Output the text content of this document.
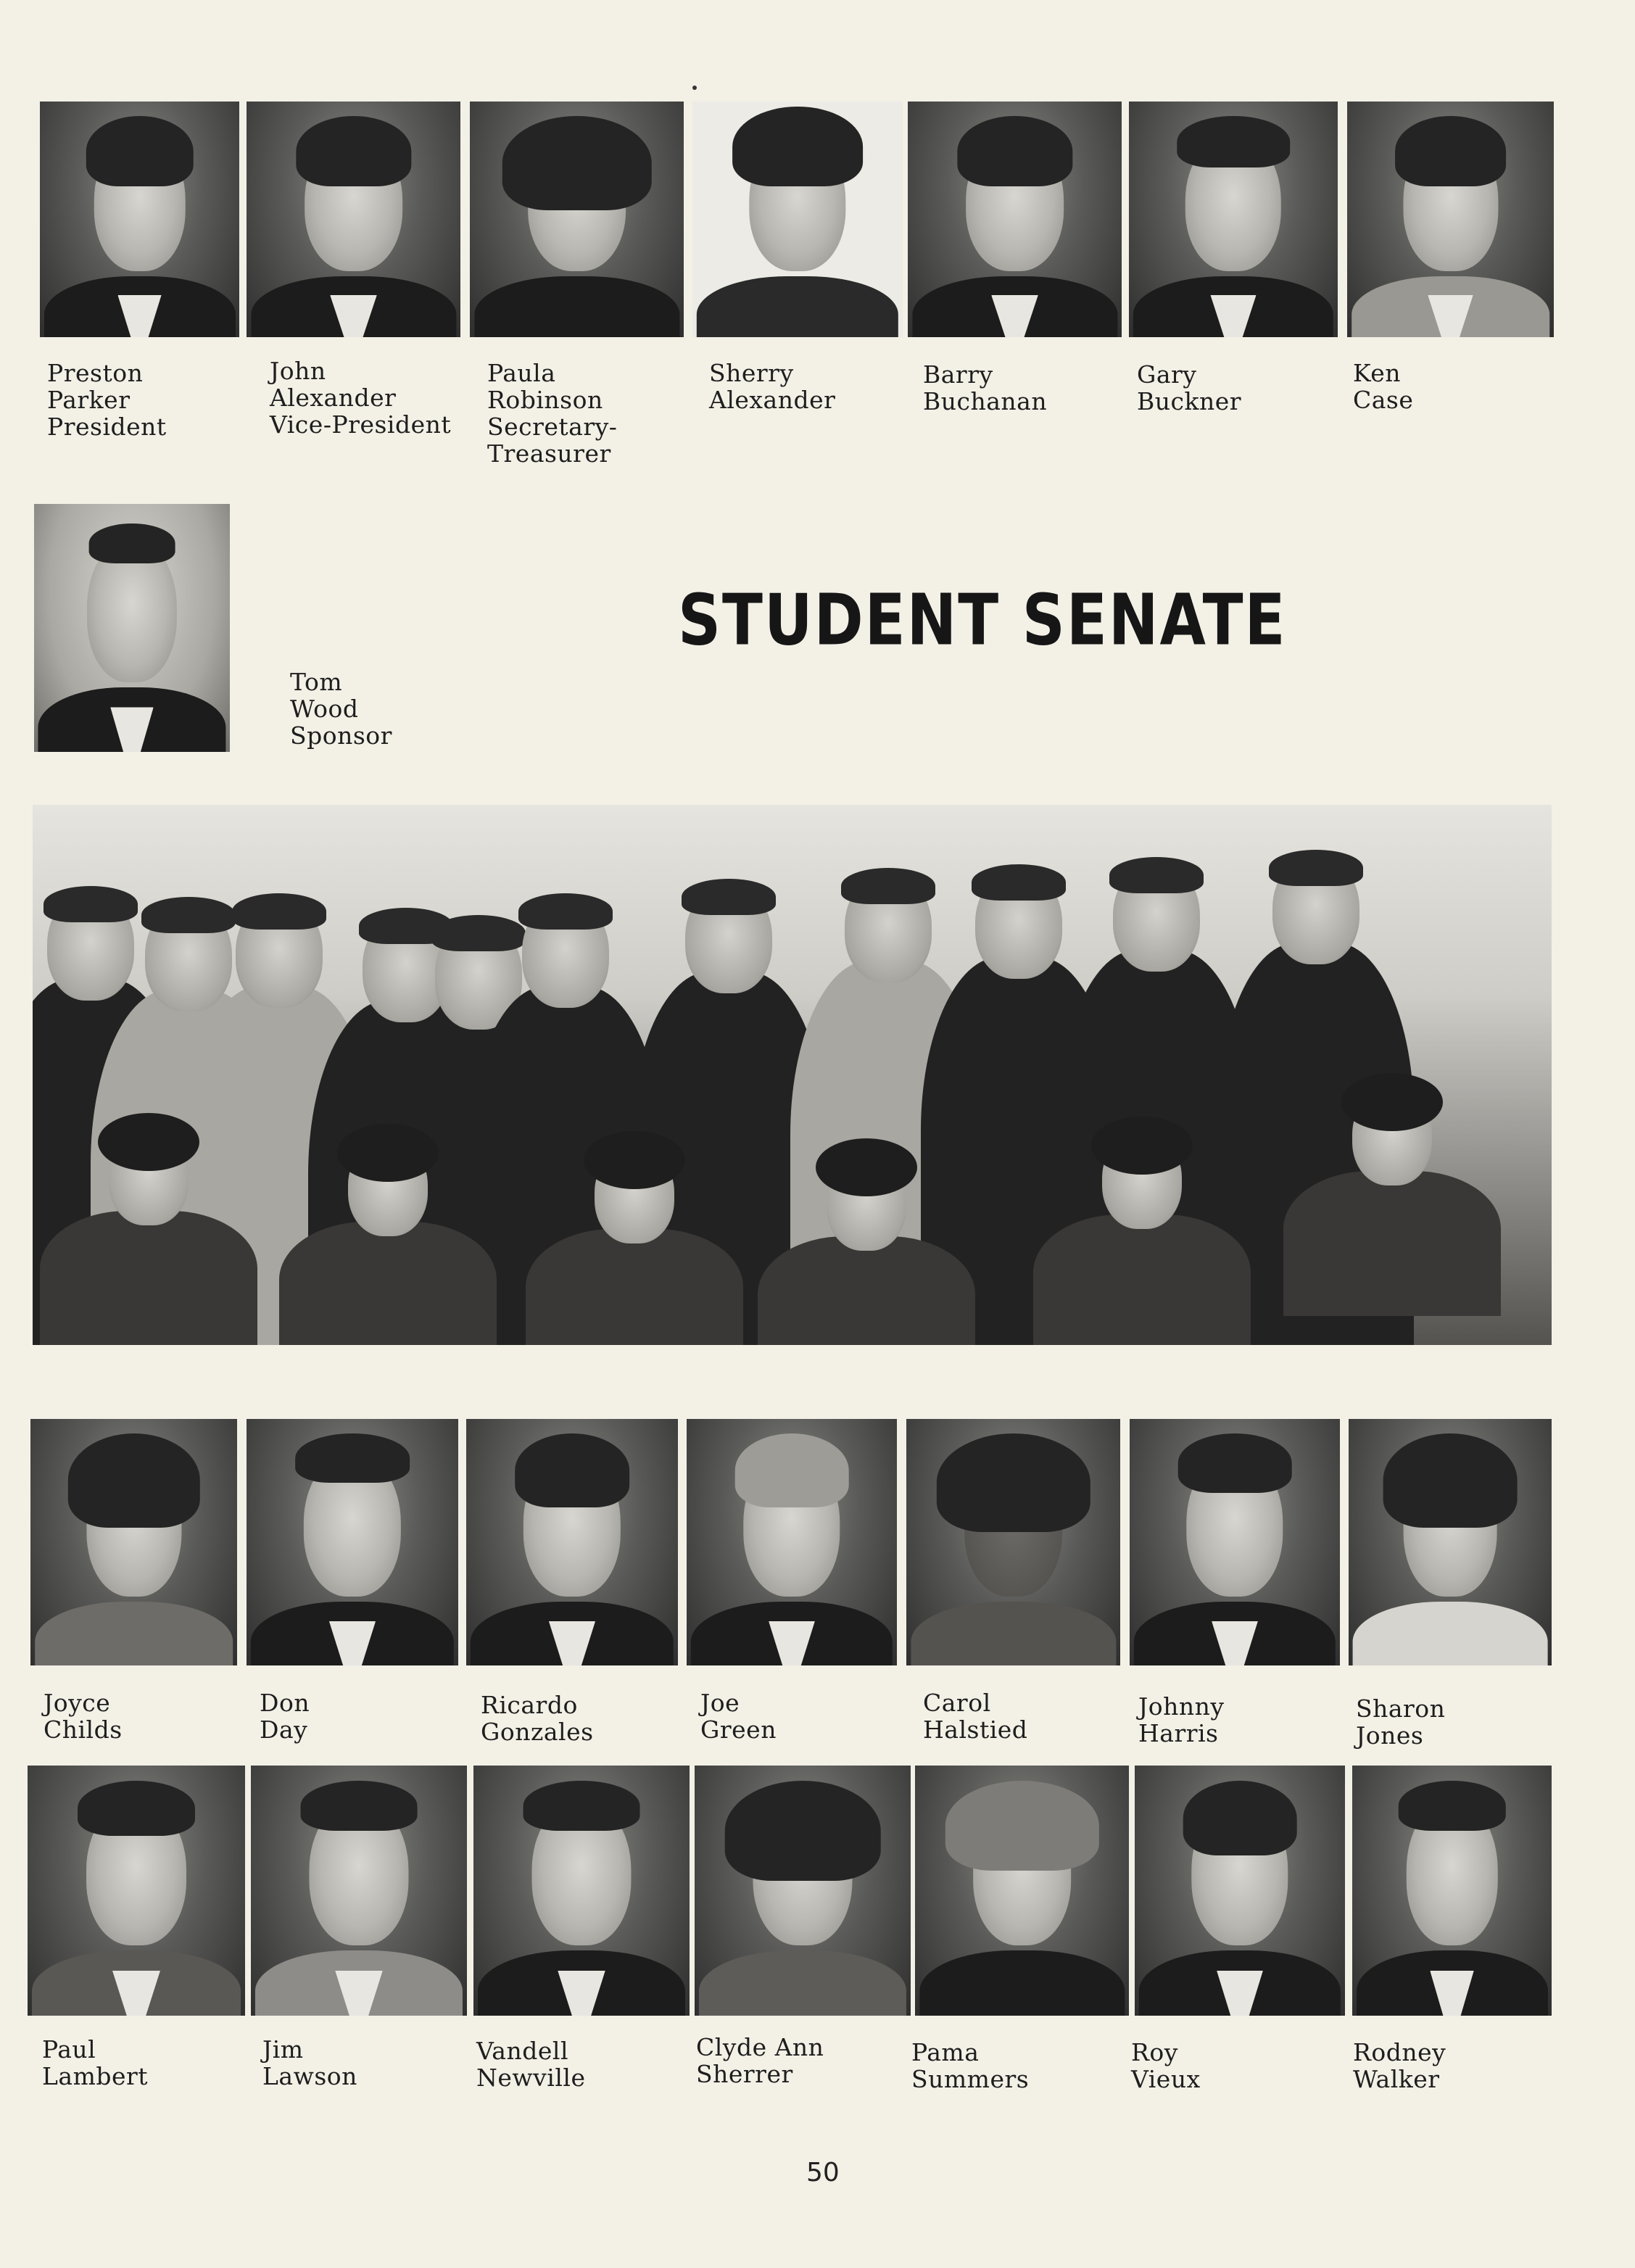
Preston
Parker
President
John
Alexander
Vice-President
Paula
Robinson
Secretary-
Treasurer
Sherry
Alexander
Barry
Buchanan
Gary
Buckner
Ken
Case
Tom
Wood
Sponsor
STUDENT SENATE
Joyce
Childs
Don
Day
Ricardo
Gonzales
Joe
Green
Carol
Halstied
Johnny
Harris
Sharon
Jones
Paul
Lambert
Jim
Lawson
Vandell
Newville
Clyde Ann
Sherrer
Pama
Summers
Roy
Vieux
Rodney
Walker
50
